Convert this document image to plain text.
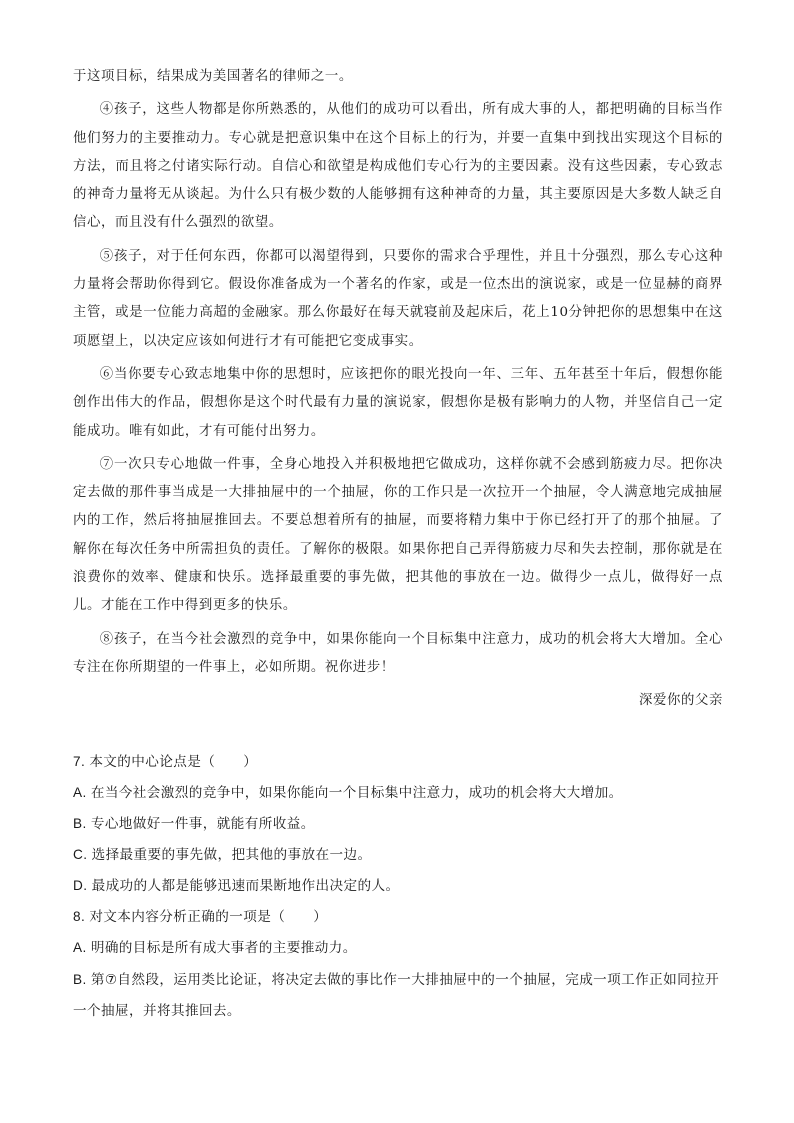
于这项目标，结果成为美国著名的律师之一。

④孩子，这些人物都是你所熟悉的，从他们的成功可以看出，所有成大事的人，都把明确的目标当作他们努力的主要推动力。专心就是把意识集中在这个目标上的行为，并要一直集中到找出实现这个目标的方法，而且将之付诸实际行动。自信心和欲望是构成他们专心行为的主要因素。没有这些因素，专心致志的神奇力量将无从谈起。为什么只有极少数的人能够拥有这种神奇的力量，其主要原因是大多数人缺乏自信心，而且没有什么强烈的欲望。

⑤孩子，对于任何东西，你都可以渴望得到，只要你的需求合乎理性，并且十分强烈，那么专心这种力量将会帮助你得到它。假设你准备成为一个著名的作家，或是一位杰出的演说家，或是一位显赫的商界主管，或是一位能力高超的金融家。那么你最好在每天就寝前及起床后，花上10分钟把你的思想集中在这项愿望上，以决定应该如何进行才有可能把它变成事实。

⑥当你要专心致志地集中你的思想时，应该把你的眼光投向一年、三年、五年甚至十年后，假想你能创作出伟大的作品，假想你是这个时代最有力量的演说家，假想你是极有影响力的人物，并坚信自己一定能成功。唯有如此，才有可能付出努力。

⑦一次只专心地做一件事，全身心地投入并积极地把它做成功，这样你就不会感到筋疲力尽。把你决定去做的那件事当成是一大排抽屉中的一个抽屉，你的工作只是一次拉开一个抽屉，令人满意地完成抽屉内的工作，然后将抽屉推回去。不要总想着所有的抽屉，而要将精力集中于你已经打开了的那个抽屉。了解你在每次任务中所需担负的责任。了解你的极限。如果你把自己弄得筋疲力尽和失去控制，那你就是在浪费你的效率、健康和快乐。选择最重要的事先做，把其他的事放在一边。做得少一点儿，做得好一点儿。才能在工作中得到更多的快乐。

⑧孩子，在当今社会激烈的竞争中，如果你能向一个目标集中注意力，成功的机会将大大增加。全心专注在你所期望的一件事上，必如所期。祝你进步！

深爱你的父亲
7. 本文的中心论点是（　　）
A. 在当今社会激烈的竞争中，如果你能向一个目标集中注意力，成功的机会将大大增加。
B. 专心地做好一件事，就能有所收益。
C. 选择最重要的事先做，把其他的事放在一边。
D. 最成功的人都是能够迅速而果断地作出决定的人。
8. 对文本内容分析正确的一项是（　　）
A. 明确的目标是所有成大事者的主要推动力。
B. 第⑦自然段，运用类比论证，将决定去做的事比作一大排抽屉中的一个抽屉，完成一项工作正如同拉开一个抽屉，并将其推回去。
